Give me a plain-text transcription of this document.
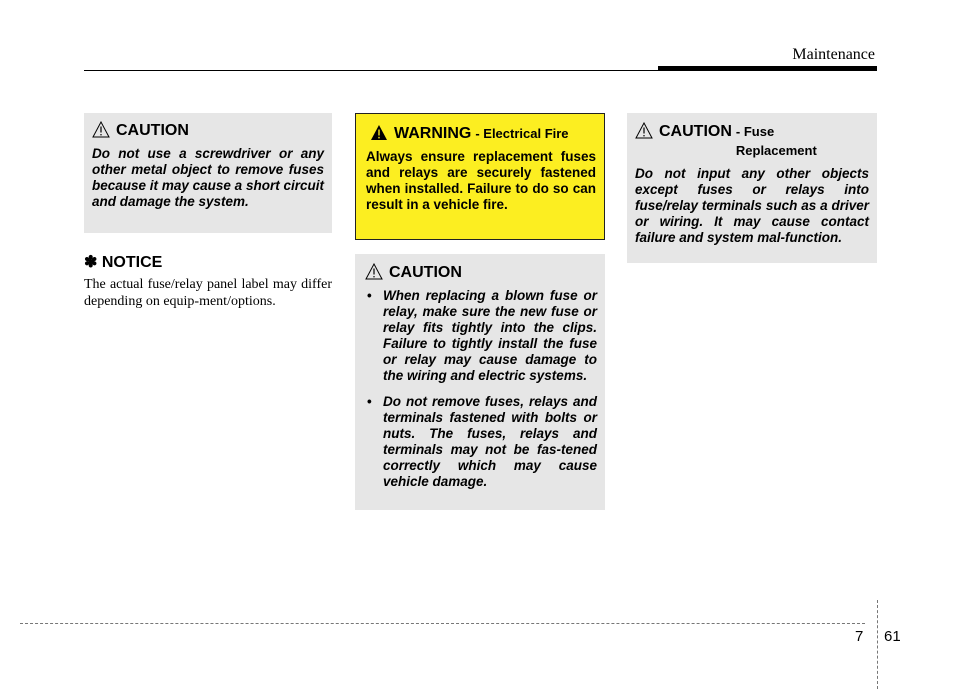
Maintenance
CAUTION

Do not use a screwdriver or any other metal object to remove fuses because it may cause a short circuit and damage the system.

✽ NOTICE
The actual fuse/relay panel label may differ depending on equip-ment/options.
WARNING - Electrical Fire

Always ensure replacement fuses and relays are securely fastened when installed. Failure to do so can result in a vehicle fire.

CAUTION
• When replacing a blown fuse or relay, make sure the new fuse or relay fits tightly into the clips. Failure to tightly install the fuse or relay may cause damage to the wiring and electric systems.
• Do not remove fuses, relays and terminals fastened with bolts or nuts. The fuses, relays and terminals may not be fas-tened correctly which may cause vehicle damage.
CAUTION - Fuse Replacement

Do not input any other objects except fuses or relays into fuse/relay terminals such as a driver or wiring. It may cause contact failure and system mal-function.

7 61
